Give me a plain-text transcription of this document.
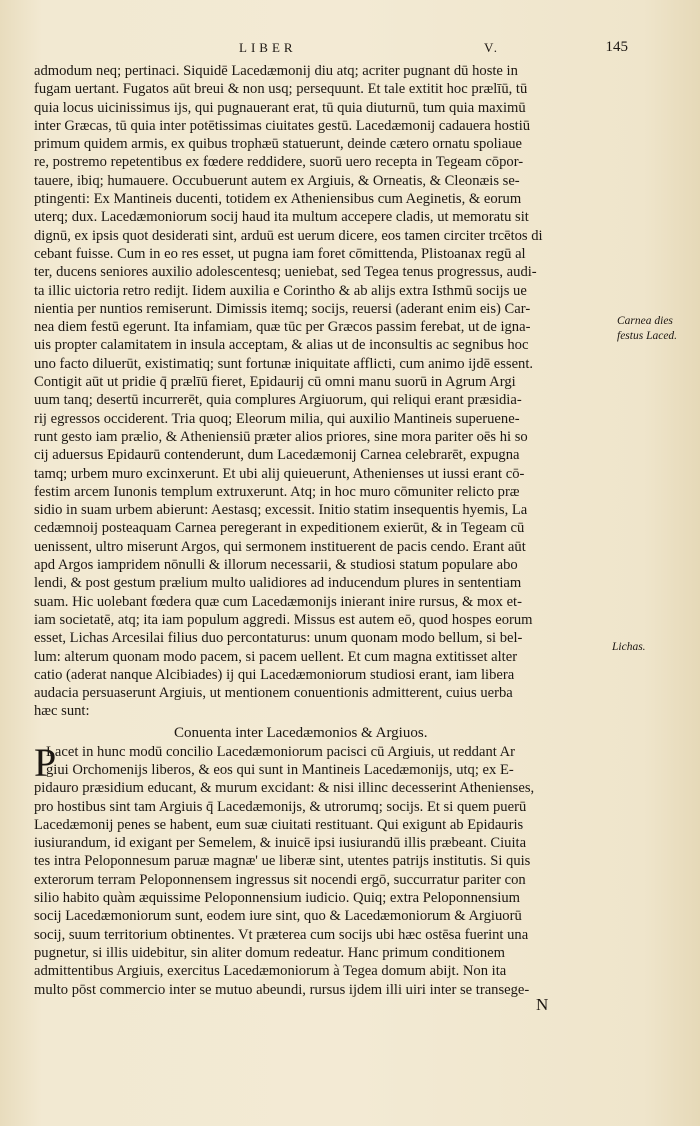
LIBER	V.	145
admodum neq; pertinaci. Siquidē Lacedæmonij diu atq; acriter pugnant dū hoste in
fugam uertant. Fugatos aūt breui & non usq; persequunt. Et tale extitit hoc prælīū, tū
quia locus uicinissimus ijs, qui pugnauerant erat, tū quia diuturnū, tum quia maximū
inter Græcas, tū quia inter potētissimas ciuitates gestū. Lacedæmonij cadauera hostiū
primum quidem armis, ex quibus trophæū statuerunt, deinde cætero ornatu spoliaue
re, postremo repetentibus ex fœdere reddidere, suorū uero recepta in Tegeam cōpor-
tauere, ibiq; humauere. Occubuerunt autem ex Argiuis, & Orneatis, & Cleonæis se-
ptingenti: Ex Mantineis ducenti, totidem ex Atheniensibus cum Aeginetis, & eorum
uterq; dux. Lacedæmoniorum socij haud ita multum accepere cladis, ut memoratu sit
dignū, ex ipsis quot desiderati sint, arduū est uerum dicere, eos tamen circiter trcētos di
cebant fuisse. Cum in eo res esset, ut pugna iam foret cōmittenda, Plistoanax regū al
ter, ducens seniores auxilio adolescentesq; ueniebat, sed Tegea tenus progressus, audi-
ta illic uictoria retro redijt. Iidem auxilia e Corintho & ab alijs extra Isthmū socijs ue
nientia per nuntios remiserunt. Dimissis itemq; socijs, reuersi (aderant enim eis) Car-
nea diem festū egerunt. Ita infamiam, quæ tūc per Græcos passim ferebat, ut de igna-
uis propter calamitatem in insula acceptam, & alias ut de inconsultis ac segnibus hoc
uno facto diluerūt, existimatiq; sunt fortunæ iniquitate afflicti, cum animo ijdē essent.
Contigit aūt ut pridie q̄ prælīū fieret, Epidaurij cū omni manu suorū in Agrum Argi
uum tanq; desertū incurrerēt, quia complures Argiuorum, qui reliqui erant præsidia-
rij egressos occiderent. Tria quoq; Eleorum milia, qui auxilio Mantineis superuene-
runt gesto iam prælio, & Atheniensiū præter alios priores, sine mora pariter oēs hi so
cij aduersus Epidaurū contenderunt, dum Lacedæmonij Carnea celebrarēt, expugna
tamq; urbem muro excinxerunt. Et ubi alij quieuerunt, Athenienses ut iussi erant cō-
festim arcem Iunonis templum extruxerunt. Atq; in hoc muro cōmuniter relicto præ
sidio in suam urbem abierunt: Aestasq; excessit. Initio statim insequentis hyemis, La
cedæmnoij posteaquam Carnea peregerant in expeditionem exierūt, & in Tegeam cū
uenissent, ultro miserunt Argos, qui sermonem instituerent de pacis cendo. Erant aūt
apd Argos iampridem nōnulli & illorum necessarii, & studiosi statum populare abo
lendi, & post gestum prælium multo ualidiores ad inducendum plures in sententiam
suam. Hic uolebant fœdera quæ cum Lacedæmonijs inierant inire rursus, & mox et-
iam societatē, atq; ita iam populum aggredi. Missus est autem eō, quod hospes eorum
esset, Lichas Arcesilai filius duo percontaturus: unum quonam modo bellum, si bel-
lum: alterum quonam modo pacem, si pacem uellent. Et cum magna extitisset alter
catio (aderat nanque Alcibiades) ij qui Lacedæmoniorum studiosi erant, iam libera
audacia persuaserunt Argiuis, ut mentionem conuentionis admitterent, cuius uerba
hæc sunt:
Conuenta inter Lacedæmonios & Argiuos.
P
Lacet in hunc modū concilio Lacedæmoniorum pacisci cū Argiuis, ut reddant Ar
giui Orchomenijs liberos, & eos qui sunt in Mantineis Lacedæmonijs, utq; ex E-
pidauro præsidium educant, & murum excidant: & nisi illinc decesserint Athenienses,
pro hostibus sint tam Argiuis q̄ Lacedæmonijs, & utrorumq; socijs. Et si quem puerū
Lacedæmonij penes se habent, eum suæ ciuitati restituant. Qui exigunt ab Epidauris
iusiurandum, id exigant per Semelem, & inuicē ipsi iusiurandū illis præbeant. Ciuita
tes intra Peloponnesum paruæ magnæ' ue liberæ sint, utentes patrijs institutis. Si quis
exterorum terram Peloponnensem ingressus sit nocendi ergō, succurratur pariter con
silio habito quàm æquissime Peloponnensium iudicio. Quiq; extra Peloponnensium
socij Lacedæmoniorum sunt, eodem iure sint, quo & Lacedæmoniorum & Argiuorū
socij, suum territorium obtinentes. Vt præterea cum socijs ubi hæc ostēsa fuerint una
pugnetur, si illis uidebitur, sin aliter domum redeatur. Hanc primum conditionem
admittentibus Argiuis, exercitus Lacedæmoniorum à Tegea domum abijt. Non ita
multo pōst commercio inter se mutuo abeundi, rursus ijdem illi uiri inter se transege-
Carnea dies
festus Laced.
Lichas.
N
